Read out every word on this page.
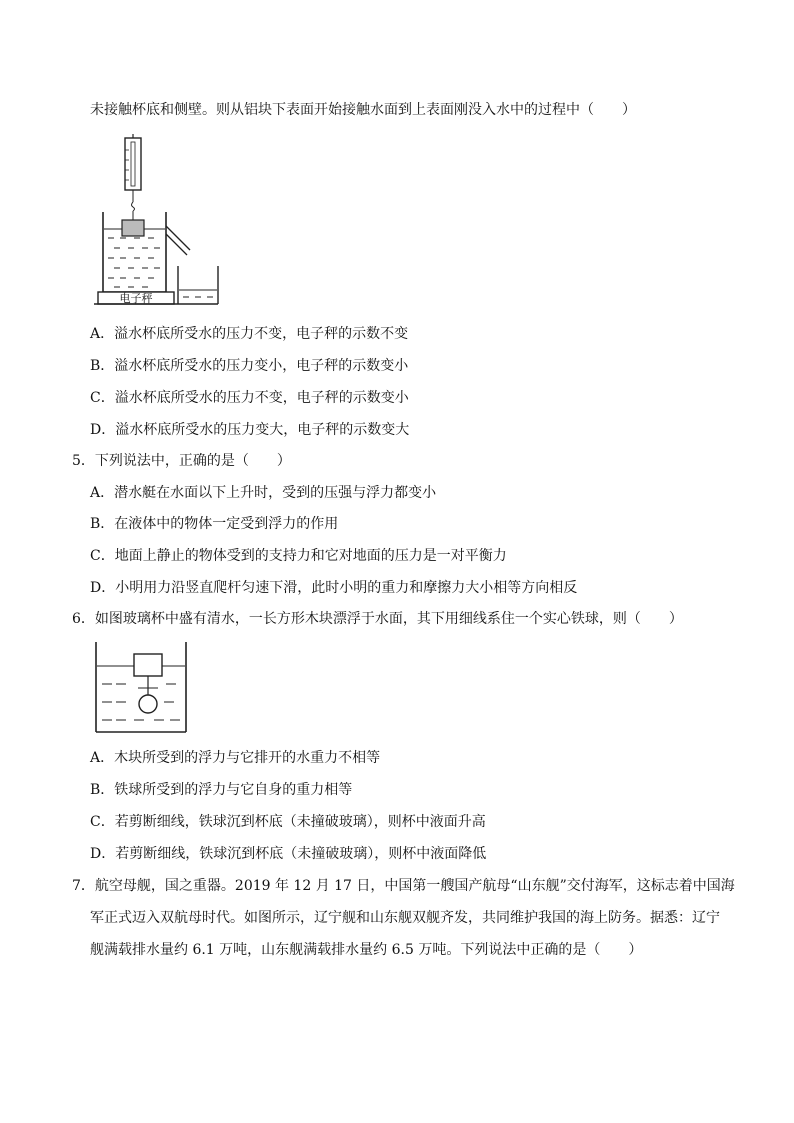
未接触杯底和侧壁。则从铝块下表面开始接触水面到上表面刚没入水中的过程中（　　）
电子秤
A．溢水杯底所受水的压力不变，电子秤的示数不变
B．溢水杯底所受水的压力变小，电子秤的示数变小
C．溢水杯底所受水的压力不变，电子秤的示数变小
D．溢水杯底所受水的压力变大，电子秤的示数变大
5．下列说法中，正确的是（　　）
A．潜水艇在水面以下上升时，受到的压强与浮力都变小
B．在液体中的物体一定受到浮力的作用
C．地面上静止的物体受到的支持力和它对地面的压力是一对平衡力
D．小明用力沿竖直爬杆匀速下滑，此时小明的重力和摩擦力大小相等方向相反
6．如图玻璃杯中盛有清水，一长方形木块漂浮于水面，其下用细线系住一个实心铁球，则（　　）
A．木块所受到的浮力与它排开的水重力不相等
B．铁球所受到的浮力与它自身的重力相等
C．若剪断细线，铁球沉到杯底（未撞破玻璃），则杯中液面升高
D．若剪断细线，铁球沉到杯底（未撞破玻璃），则杯中液面降低
7．航空母舰，国之重器。2019 年 12 月 17 日，中国第一艘国产航母“山东舰”交付海军，这标志着中国海
军正式迈入双航母时代。如图所示，辽宁舰和山东舰双舰齐发，共同维护我国的海上防务。据悉：辽宁
舰满载排水量约 6.1 万吨，山东舰满载排水量约 6.5 万吨。下列说法中正确的是（　　）
